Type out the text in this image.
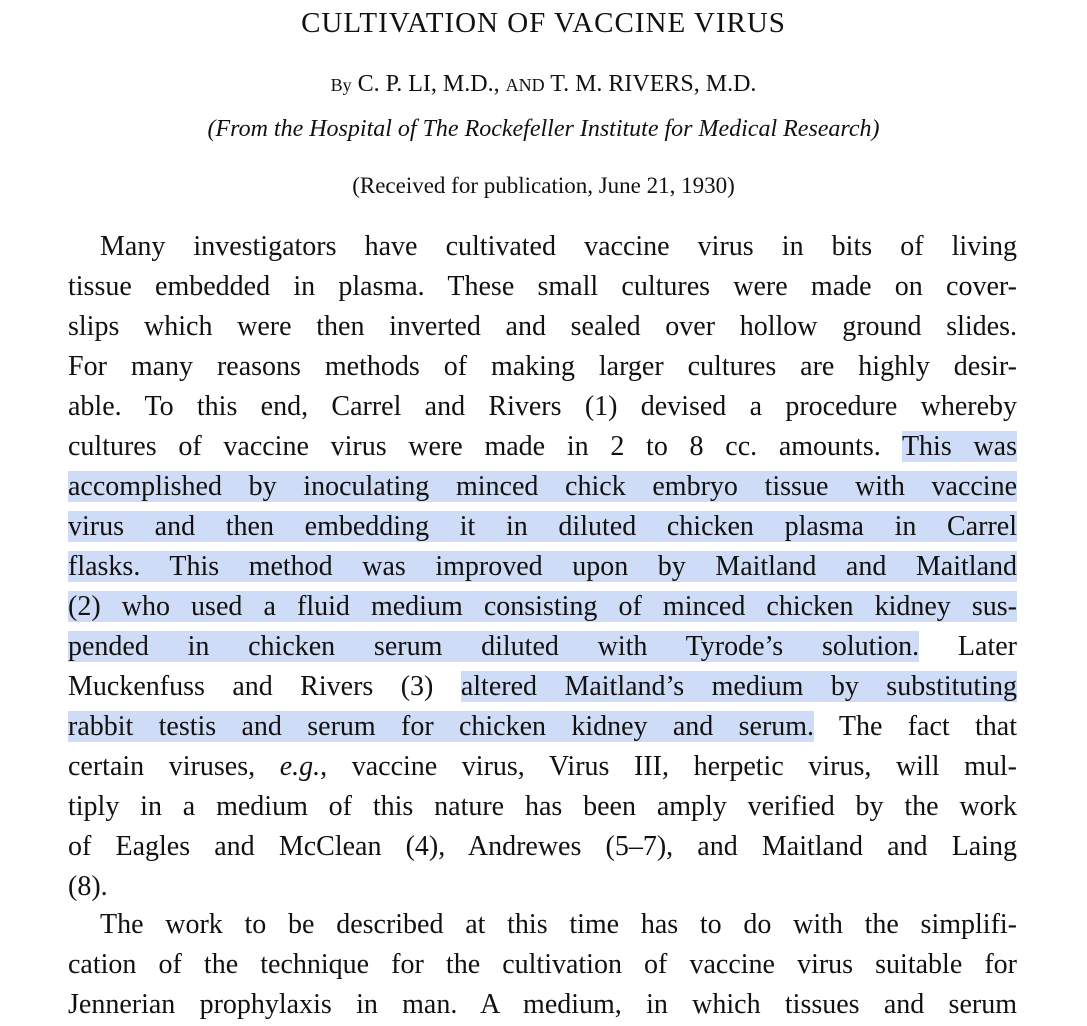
CULTIVATION OF VACCINE VIRUS
By C. P. LI, M.D., AND T. M. RIVERS, M.D.
(From the Hospital of The Rockefeller Institute for Medical Research)
(Received for publication, June 21, 1930)
Many investigators have cultivated vaccine virus in bits of living
tissue embedded in plasma. These small cultures were made on cover-
slips which were then inverted and sealed over hollow ground slides.
For many reasons methods of making larger cultures are highly desir-
able. To this end, Carrel and Rivers (1) devised a procedure whereby
cultures of vaccine virus were made in 2 to 8 cc. amounts. This was
accomplished by inoculating minced chick embryo tissue with vaccine
virus and then embedding it in diluted chicken plasma in Carrel
flasks. This method was improved upon by Maitland and Maitland
(2) who used a fluid medium consisting of minced chicken kidney sus-
pended in chicken serum diluted with Tyrode’s solution. Later
Muckenfuss and Rivers (3) altered Maitland’s medium by substituting
rabbit testis and serum for chicken kidney and serum. The fact that
certain viruses, e.g., vaccine virus, Virus III, herpetic virus, will mul-
tiply in a medium of this nature has been amply verified by the work
of Eagles and McClean (4), Andrewes (5–7), and Maitland and Laing
(8).
The work to be described at this time has to do with the simplifi-
cation of the technique for the cultivation of vaccine virus suitable for
Jennerian prophylaxis in man. A medium, in which tissues and serum
